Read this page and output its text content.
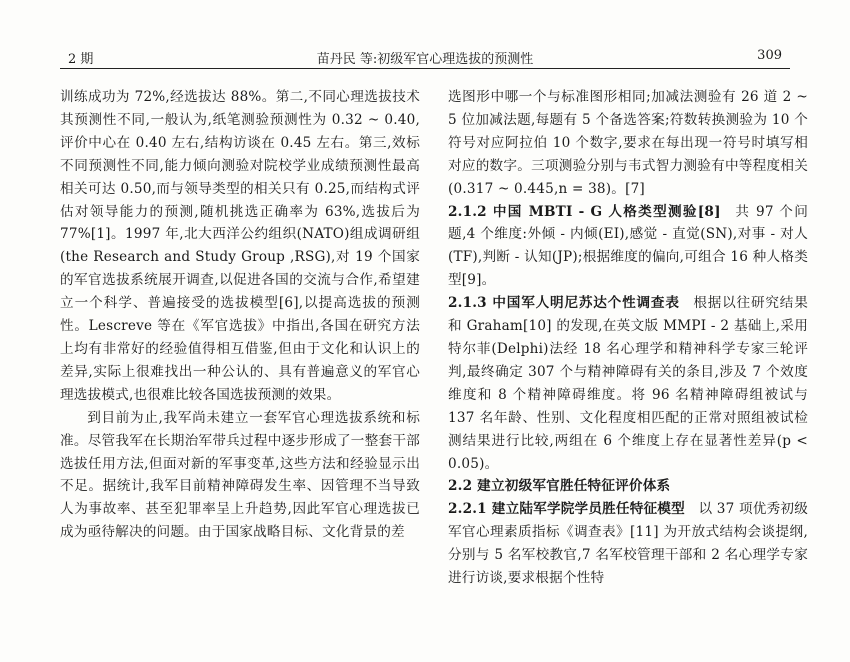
2 期	苗丹民 等:初级军官心理选拔的预测性	309

训练成功为 72%,经选拔达 88%。第二,不同心理选拔技术其预测性不同,一般认为,纸笔测验预测性为 0.32 ~ 0.40,评价中心在 0.40 左右,结构访谈在 0.45 左右。第三,效标不同预测性不同,能力倾向测验对院校学业成绩预测性最高相关可达 0.50,而与领导类型的相关只有 0.25,而结构式评估对领导能力的预测,随机挑选正确率为 63%,选拔后为 77%[1]。1997 年,北大西洋公约组织(NATO)组成调研组(the Research and Study Group ,RSG),对 19 个国家的军官选拔系统展开调查,以促进各国的交流与合作,希望建立一个科学、普遍接受的选拔模型[6],以提高选拔的预测性。Lescreve 等在《军官选拔》中指出,各国在研究方法上均有非常好的经验值得相互借鉴,但由于文化和认识上的差异,实际上很难找出一种公认的、具有普遍意义的军官心理选拔模式,也很难比较各国选拔预测的效果。

到目前为止,我军尚未建立一套军官心理选拔系统和标准。尽管我军在长期治军带兵过程中逐步形成了一整套干部选拔任用方法,但面对新的军事变革,这些方法和经验显示出不足。据统计,我军目前精神障碍发生率、因管理不当导致人为事故率、甚至犯罪率呈上升趋势,因此军官心理选拔已成为亟待解决的问题。由于国家战略目标、文化背景的差

选图形中哪一个与标准图形相同;加减法测验有 26 道 2 ~ 5 位加减法题,每题有 5 个备选答案;符数转换测验为 10 个符号对应阿拉伯 10 个数字,要求在每出现一符号时填写相对应的数字。三项测验分别与韦式智力测验有中等程度相关(0.317 ~ 0.445,n = 38)。[7]

2.1.2 中国 MBTI - G 人格类型测验[8] 共 97 个问题,4 个维度:外倾 - 内倾(EI),感觉 - 直觉(SN),对事 - 对人(TF),判断 - 认知(JP);根据维度的偏向,可组合 16 种人格类型[9]。

2.1.3 中国军人明尼苏达个性调查表 根据以往研究结果和 Graham[10] 的发现,在英文版 MMPI - 2 基础上,采用特尔菲(Delphi)法经 18 名心理学和精神科学专家三轮评判,最终确定 307 个与精神障碍有关的条目,涉及 7 个效度维度和 8 个精神障碍维度。将 96 名精神障碍组被试与 137 名年龄、性别、文化程度相匹配的正常对照组被试检测结果进行比较,两组在 6 个维度上存在显著性差异(p < 0.05)。

2.2 建立初级军官胜任特征评价体系

2.2.1 建立陆军学院学员胜任特征模型 以 37 项优秀初级军官心理素质指标《调查表》[11] 为开放式结构会谈提纲,分别与 5 名军校教官,7 名军校管理干部和 2 名心理学专家进行访谈,要求根据个性特
